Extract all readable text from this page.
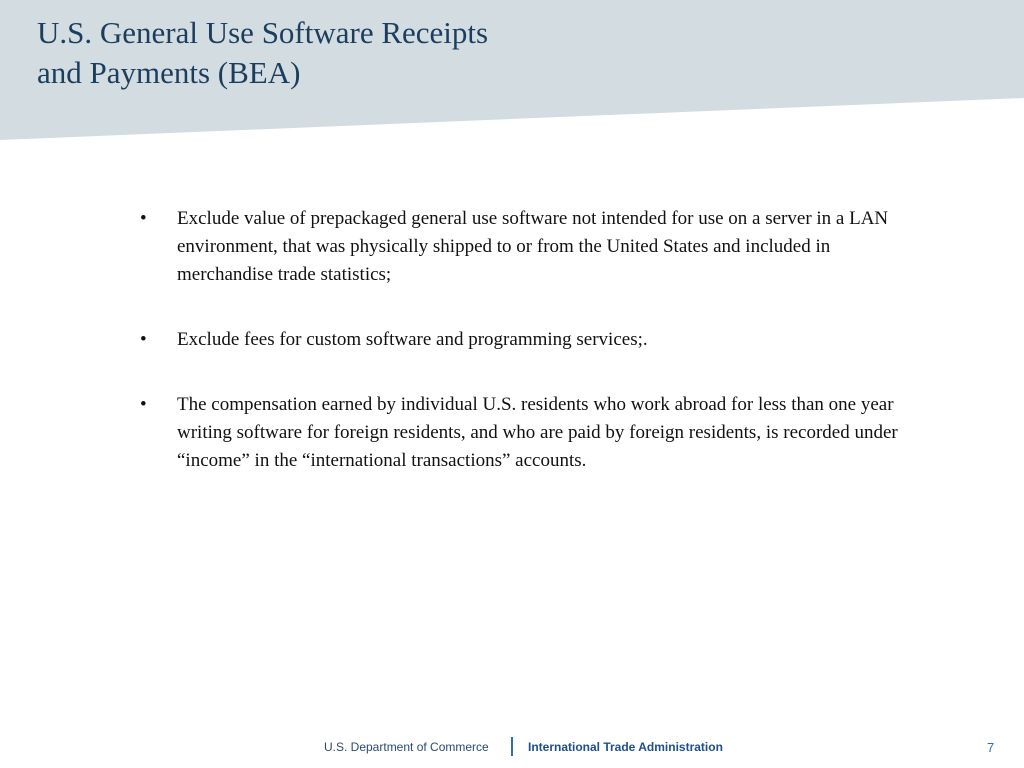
U.S. General Use Software Receipts
and Payments (BEA)
• Exclude value of prepackaged general use software not intended for use on a server in a LAN environment, that was physically shipped to or from the United States and included in merchandise trade statistics;
• Exclude fees for custom software and programming services;.
• The compensation earned by individual U.S. residents who work abroad for less than one year writing software for foreign residents, and who are paid by foreign residents, is recorded under “income” in the “international transactions” accounts.
U.S. Department of Commerce	International Trade Administration	7
